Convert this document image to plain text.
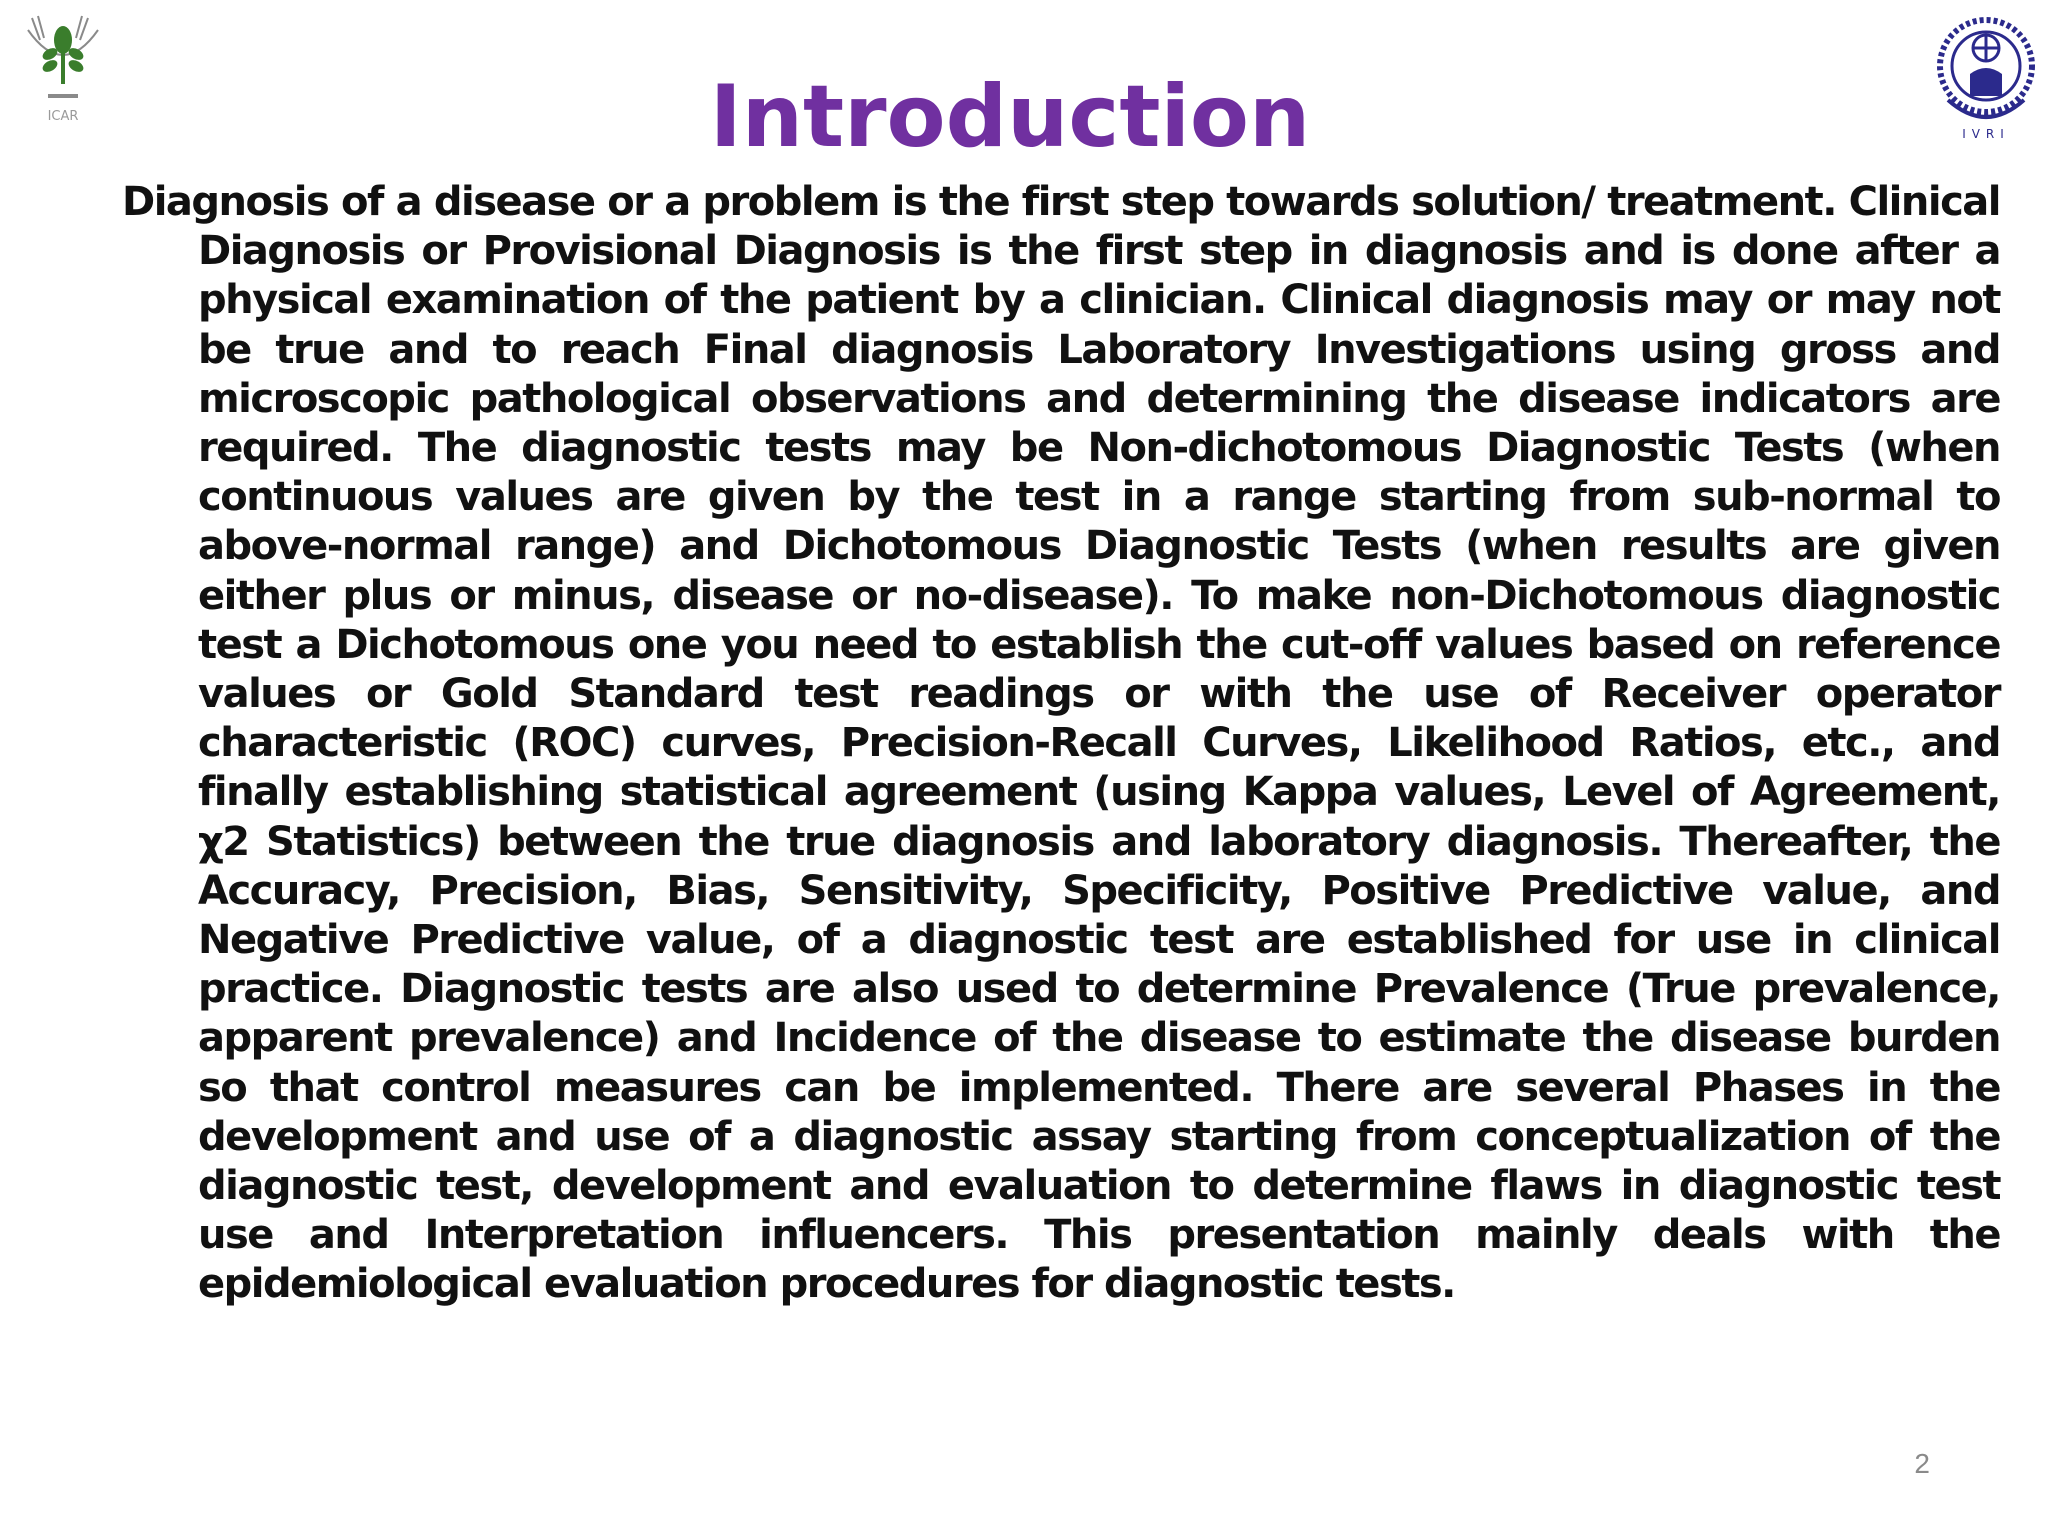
ICAR
IVRI
Introduction

Diagnosis of a disease or a problem is the first step towards solution/ treatment. Clinical Diagnosis or Provisional Diagnosis is the first step in diagnosis and is done after a physical examination of the patient by a clinician. Clinical diagnosis may or may not be true and to reach Final diagnosis Laboratory Investigations using gross and microscopic pathological observations and determining the disease indicators are required. The diagnostic tests may be Non-dichotomous Diagnostic Tests (when continuous values are given by the test in a range starting from sub-normal to above-normal range) and Dichotomous Diagnostic Tests (when results are given either plus or minus, disease or no-disease). To make non-Dichotomous diagnostic test a Dichotomous one you need to establish the cut-off values based on reference values or Gold Standard test readings or with the use of Receiver operator characteristic (ROC) curves, Precision-Recall Curves, Likelihood Ratios, etc., and finally establishing statistical agreement (using Kappa values, Level of Agreement, χ2 Statistics) between the true diagnosis and laboratory diagnosis. Thereafter, the Accuracy, Precision, Bias, Sensitivity, Specificity, Positive Predictive value, and Negative Predictive value, of a diagnostic test are established for use in clinical practice. Diagnostic tests are also used to determine Prevalence (True prevalence, apparent prevalence) and Incidence of the disease to estimate the disease burden so that control measures can be implemented. There are several Phases in the development and use of a diagnostic assay starting from conceptualization of the diagnostic test, development and evaluation to determine flaws in diagnostic test use and Interpretation influencers. This presentation mainly deals with the epidemiological evaluation procedures for diagnostic tests.

2
